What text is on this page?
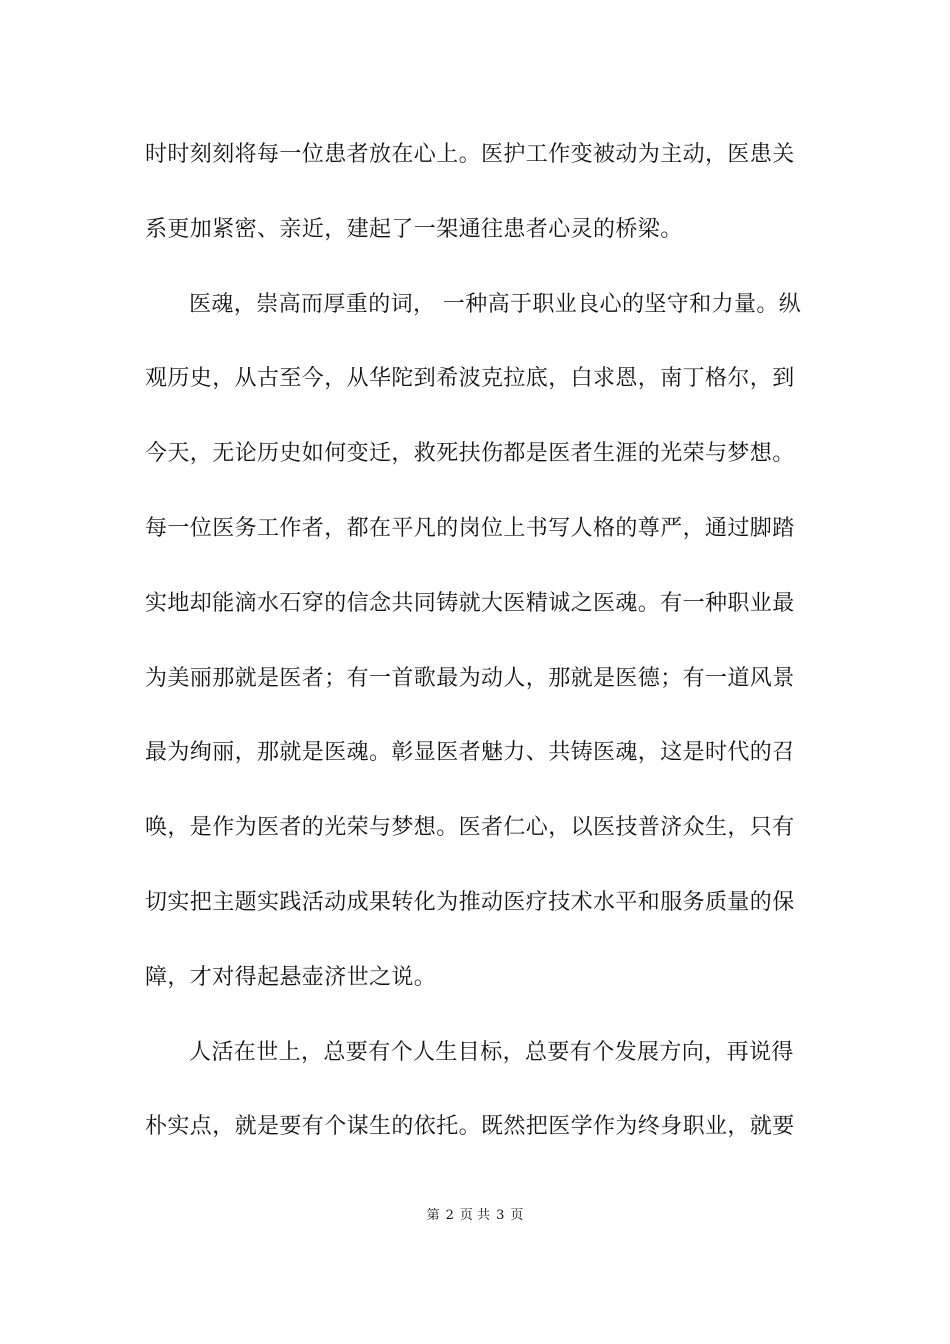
时时刻刻将每一位患者放在心上。医护工作变被动为主动，医患关
系更加紧密、亲近，建起了一架通往患者心灵的桥梁。
医魂，崇高而厚重的词， 一种高于职业良心的坚守和力量。纵
观历史，从古至今，从华陀到希波克拉底，白求恩，南丁格尔，到
今天，无论历史如何变迁，救死扶伤都是医者生涯的光荣与梦想。
每一位医务工作者，都在平凡的岗位上书写人格的尊严，通过脚踏
实地却能滴水石穿的信念共同铸就大医精诚之医魂。有一种职业最
为美丽那就是医者；有一首歌最为动人，那就是医德；有一道风景
最为绚丽，那就是医魂。彰显医者魅力、共铸医魂，这是时代的召
唤，是作为医者的光荣与梦想。医者仁心，以医技普济众生，只有
切实把主题实践活动成果转化为推动医疗技术水平和服务质量的保
障，才对得起悬壶济世之说。
人活在世上，总要有个人生目标，总要有个发展方向，再说得
朴实点，就是要有个谋生的依托。既然把医学作为终身职业，就要
第 2 页 共 3 页
